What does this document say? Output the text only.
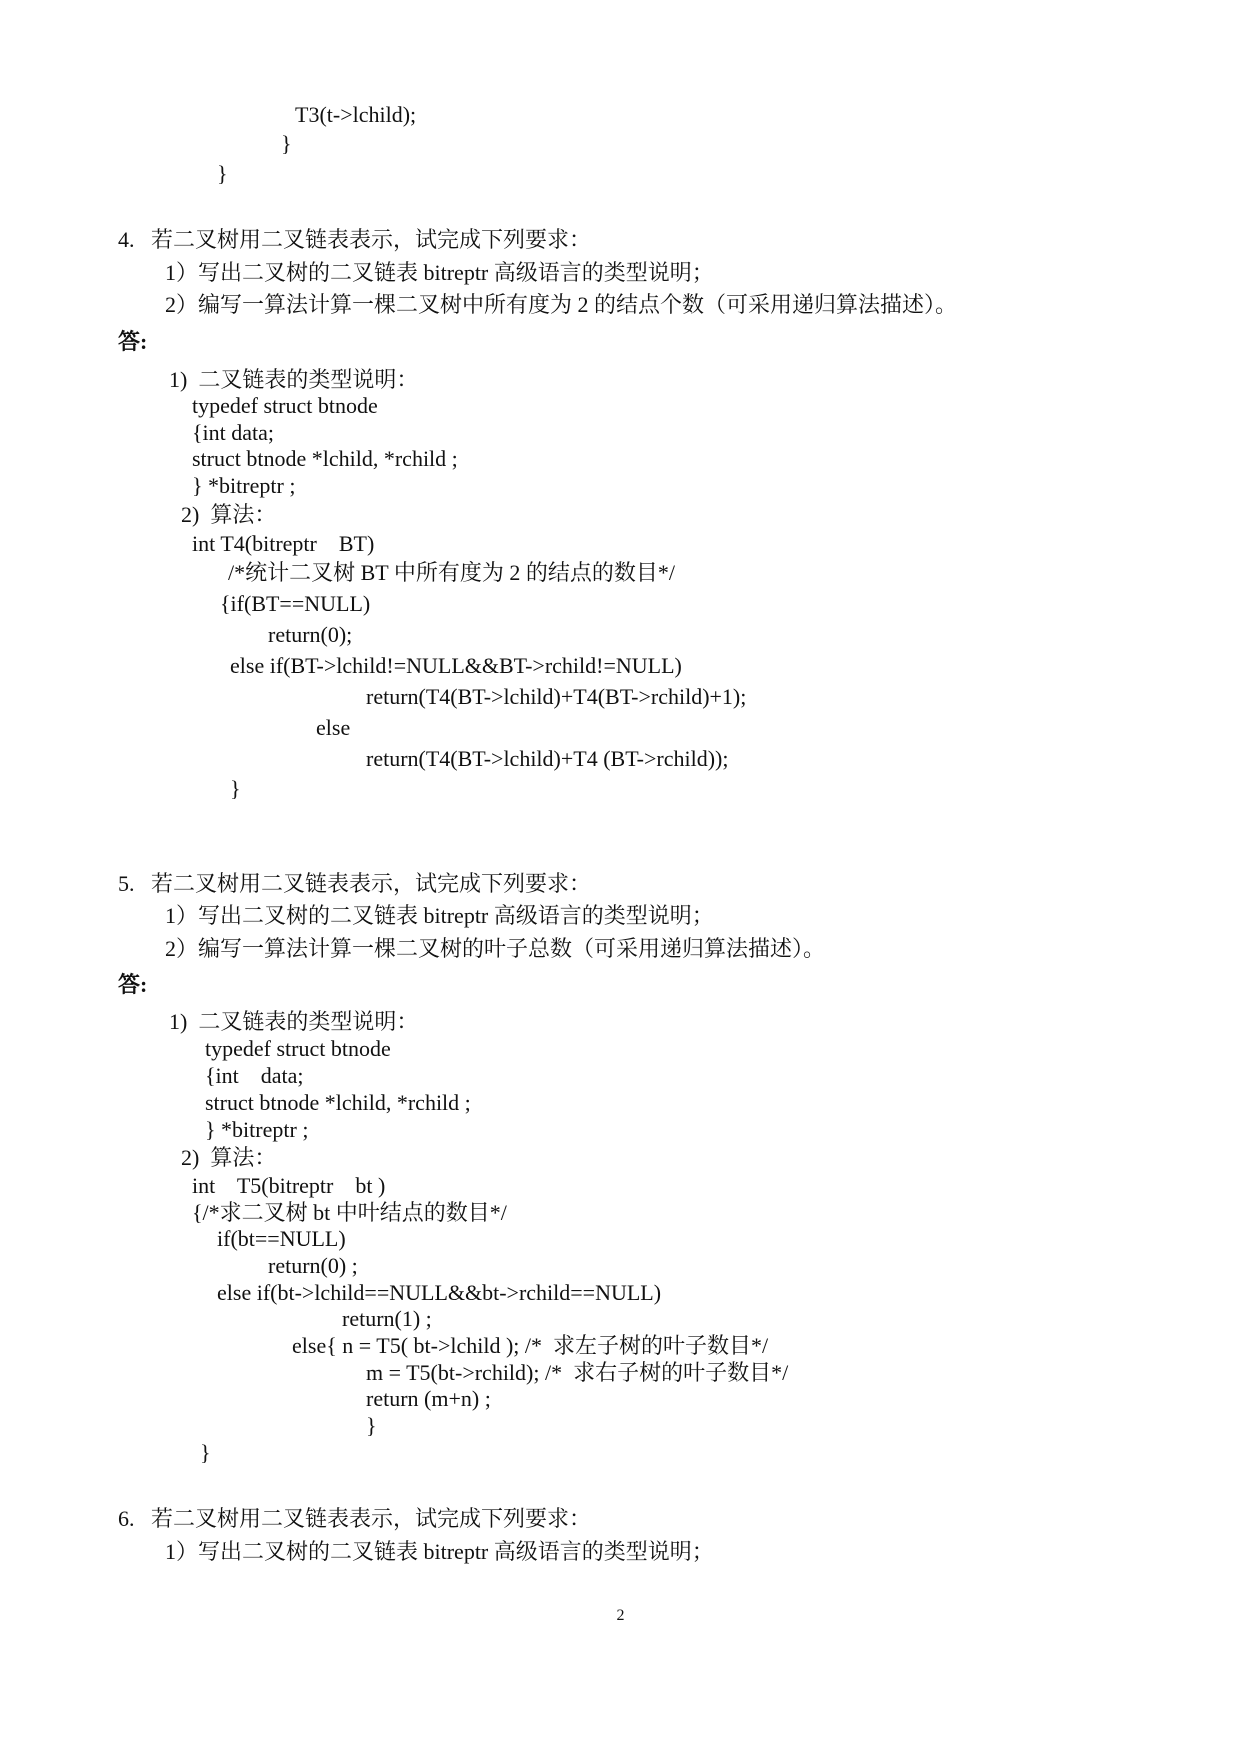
T3(t->lchild);
}
}
4.   若二叉树用二叉链表表示，试完成下列要求：
1）写出二叉树的二叉链表 bitreptr 高级语言的类型说明；
2）编写一算法计算一棵二叉树中所有度为 2 的结点个数（可采用递归算法描述）。
答:
1)  二叉链表的类型说明：
typedef struct btnode
{int data;
struct btnode *lchild, *rchild ;
} *bitreptr ;
2)  算法：
int T4(bitreptr    BT)
/*统计二叉树 BT 中所有度为 2 的结点的数目*/
{if(BT==NULL)
return(0);
else if(BT->lchild!=NULL&&BT->rchild!=NULL)
return(T4(BT->lchild)+T4(BT->rchild)+1);
else
return(T4(BT->lchild)+T4 (BT->rchild));
}
5.   若二叉树用二叉链表表示，试完成下列要求：
1）写出二叉树的二叉链表 bitreptr 高级语言的类型说明；
2）编写一算法计算一棵二叉树的叶子总数（可采用递归算法描述）。
答:
1)  二叉链表的类型说明：
typedef struct btnode
{int    data;
struct btnode *lchild, *rchild ;
} *bitreptr ;
2)  算法：
int    T5(bitreptr    bt )
{/*求二叉树 bt 中叶结点的数目*/
if(bt==NULL)
return(0) ;
else if(bt->lchild==NULL&&bt->rchild==NULL)
return(1) ;
else{ n = T5( bt->lchild ); /*  求左子树的叶子数目*/
m = T5(bt->rchild); /*  求右子树的叶子数目*/
return (m+n) ;
}
}
6.   若二叉树用二叉链表表示，试完成下列要求：
1）写出二叉树的二叉链表 bitreptr 高级语言的类型说明；
2
